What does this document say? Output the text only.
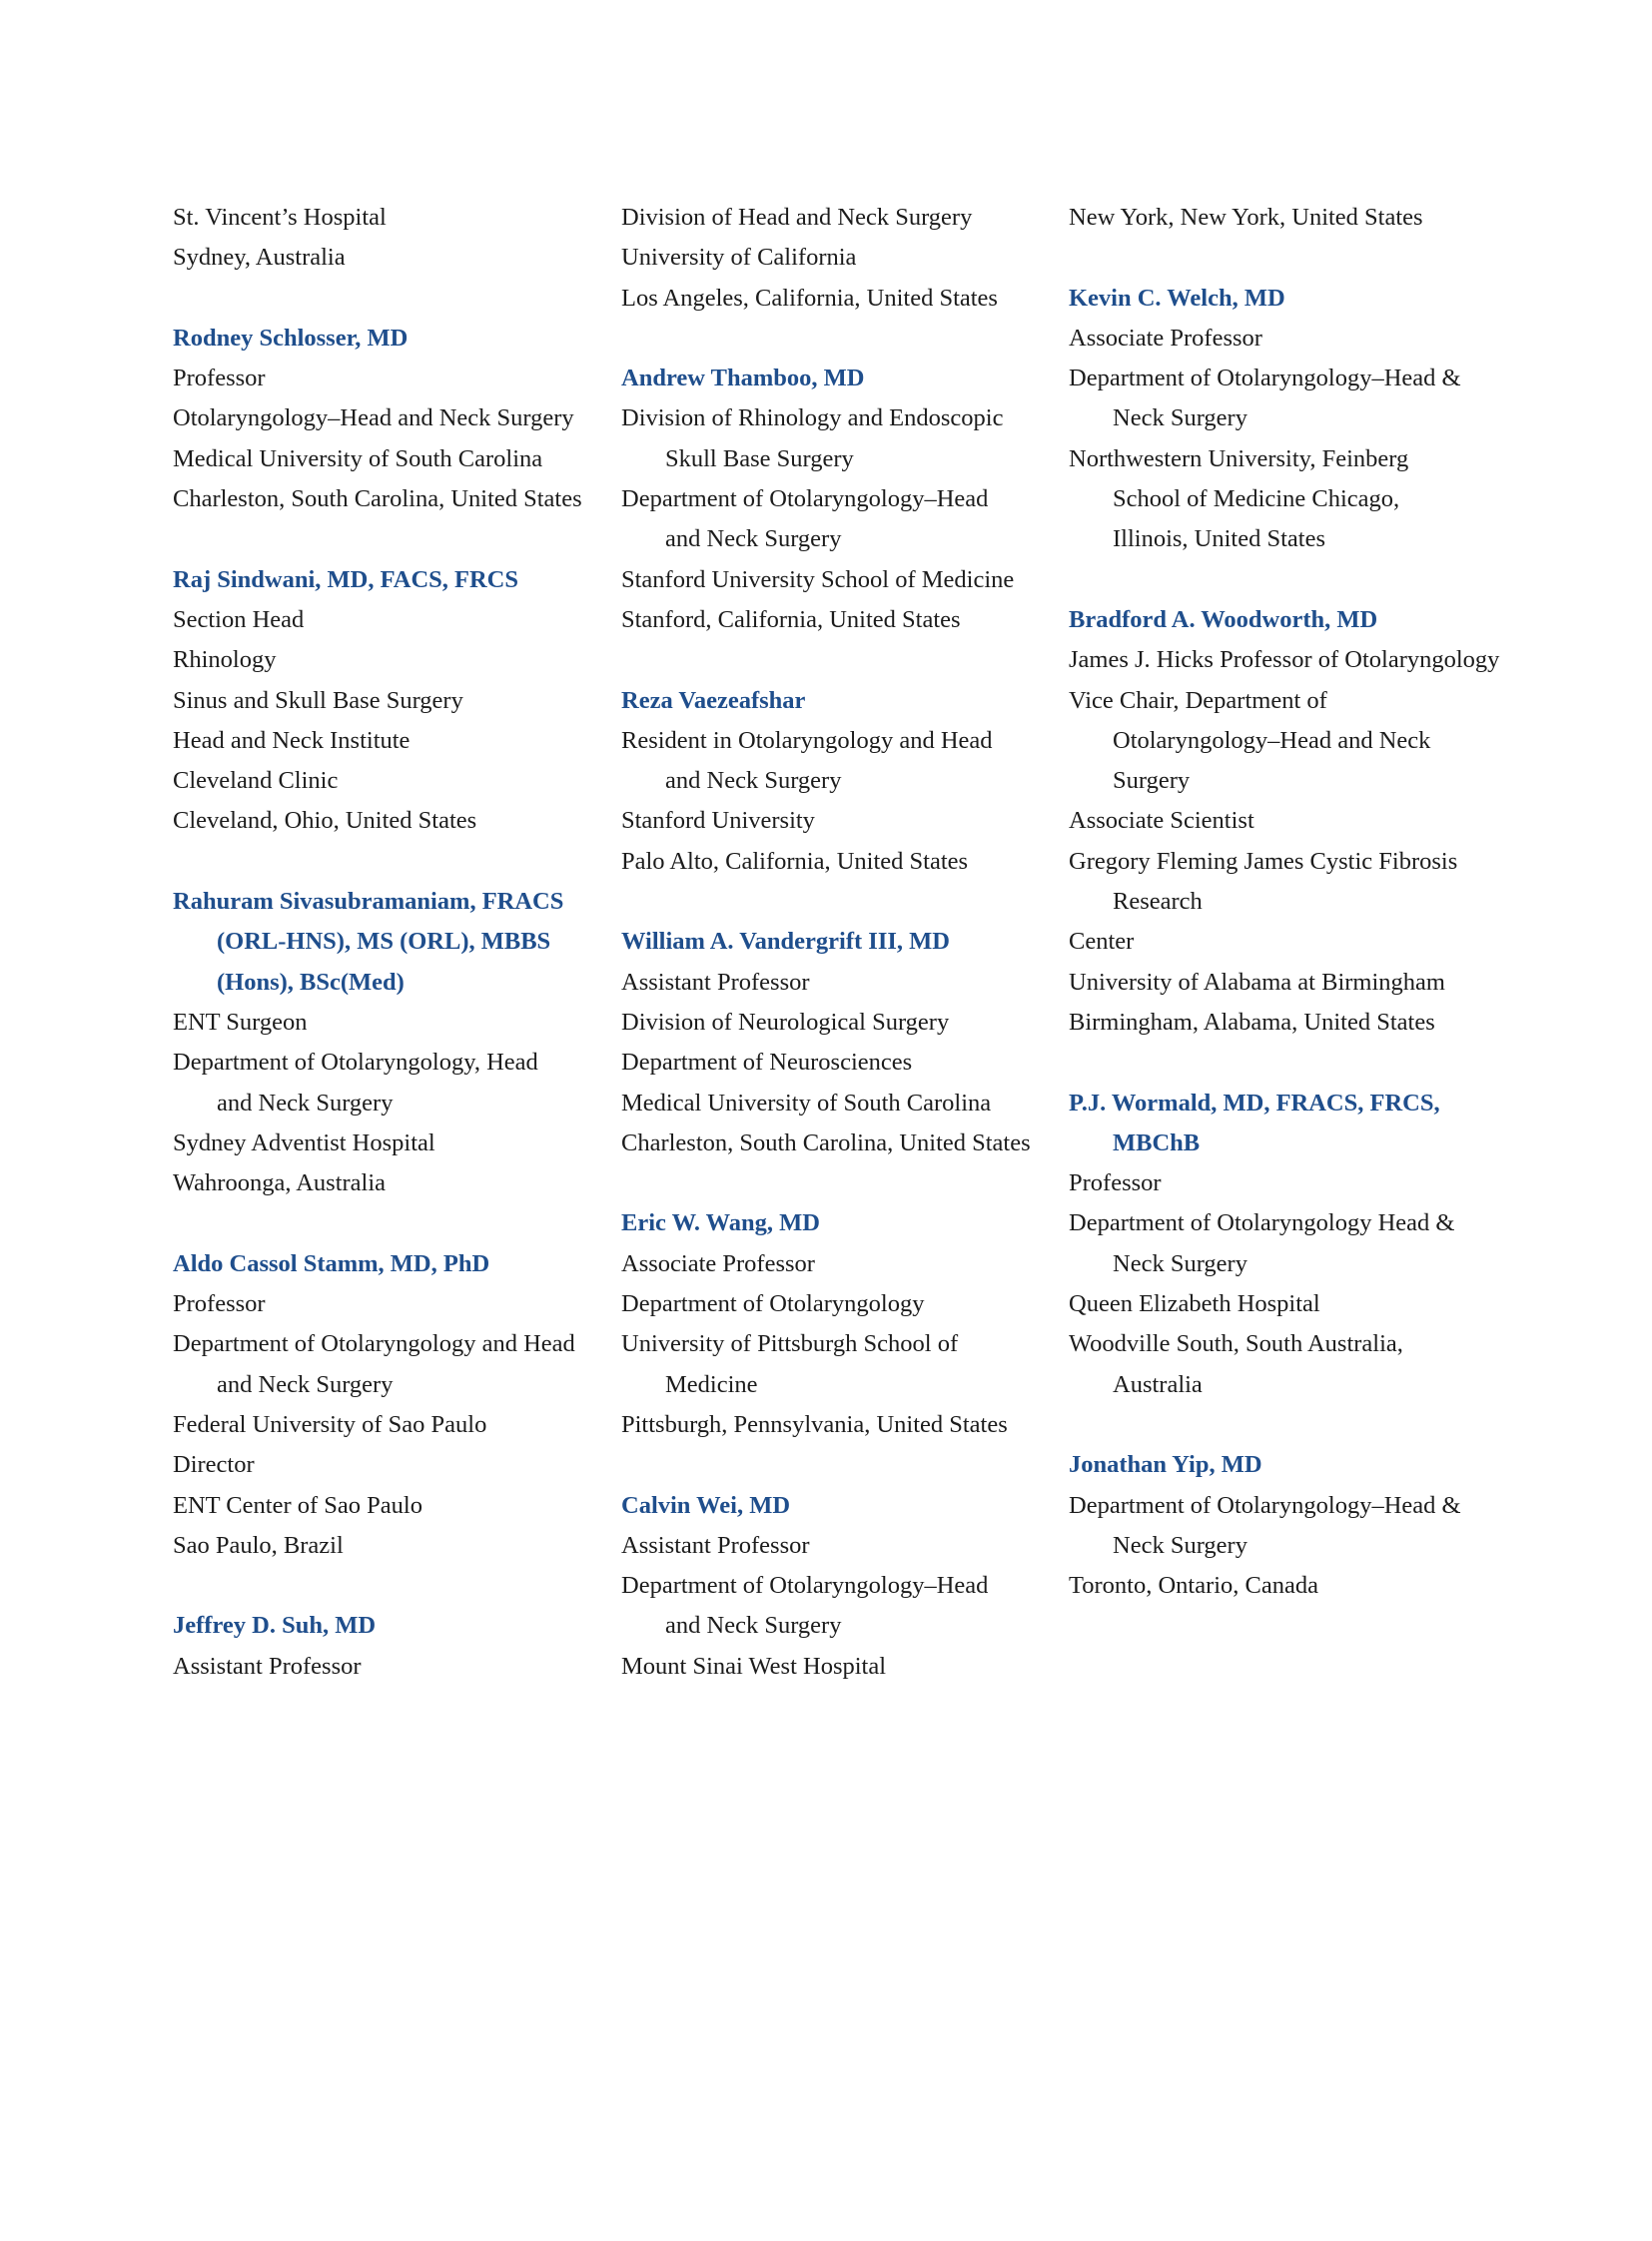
St. Vincent’s Hospital
Sydney, Australia
Rodney Schlosser, MD
Professor
Otolaryngology–Head and Neck Surgery
Medical University of South Carolina
Charleston, South Carolina, United States
Raj Sindwani, MD, FACS, FRCS
Section Head
Rhinology
Sinus and Skull Base Surgery
Head and Neck Institute
Cleveland Clinic
Cleveland, Ohio, United States
Rahuram Sivasubramaniam, FRACS
(ORL-HNS), MS (ORL), MBBS
(Hons), BSc(Med)
ENT Surgeon
Department of Otolaryngology, Head
and Neck Surgery
Sydney Adventist Hospital
Wahroonga, Australia
Aldo Cassol Stamm, MD, PhD
Professor
Department of Otolaryngology and Head
and Neck Surgery
Federal University of Sao Paulo
Director
ENT Center of Sao Paulo
Sao Paulo, Brazil
Jeffrey D. Suh, MD
Assistant Professor
Division of Head and Neck Surgery
University of California
Los Angeles, California, United States
Andrew Thamboo, MD
Division of Rhinology and Endoscopic
Skull Base Surgery
Department of Otolaryngology–Head
and Neck Surgery
Stanford University School of Medicine
Stanford, California, United States
Reza Vaezeafshar
Resident in Otolaryngology and Head
and Neck Surgery
Stanford University
Palo Alto, California, United States
William A. Vandergrift III, MD
Assistant Professor
Division of Neurological Surgery
Department of Neurosciences
Medical University of South Carolina
Charleston, South Carolina, United States
Eric W. Wang, MD
Associate Professor
Department of Otolaryngology
University of Pittsburgh School of
Medicine
Pittsburgh, Pennsylvania, United States
Calvin Wei, MD
Assistant Professor
Department of Otolaryngology–Head
and Neck Surgery
Mount Sinai West Hospital
New York, New York, United States
Kevin C. Welch, MD
Associate Professor
Department of Otolaryngology–Head &
Neck Surgery
Northwestern University, Feinberg
School of Medicine Chicago,
Illinois, United States
Bradford A. Woodworth, MD
James J. Hicks Professor of Otolaryngology
Vice Chair, Department of
Otolaryngology–Head and Neck
Surgery
Associate Scientist
Gregory Fleming James Cystic Fibrosis
Research
Center
University of Alabama at Birmingham
Birmingham, Alabama, United States
P.J. Wormald, MD, FRACS, FRCS,
MBChB
Professor
Department of Otolaryngology Head &
Neck Surgery
Queen Elizabeth Hospital
Woodville South, South Australia,
Australia
Jonathan Yip, MD
Department of Otolaryngology–Head &
Neck Surgery
Toronto, Ontario, Canada
